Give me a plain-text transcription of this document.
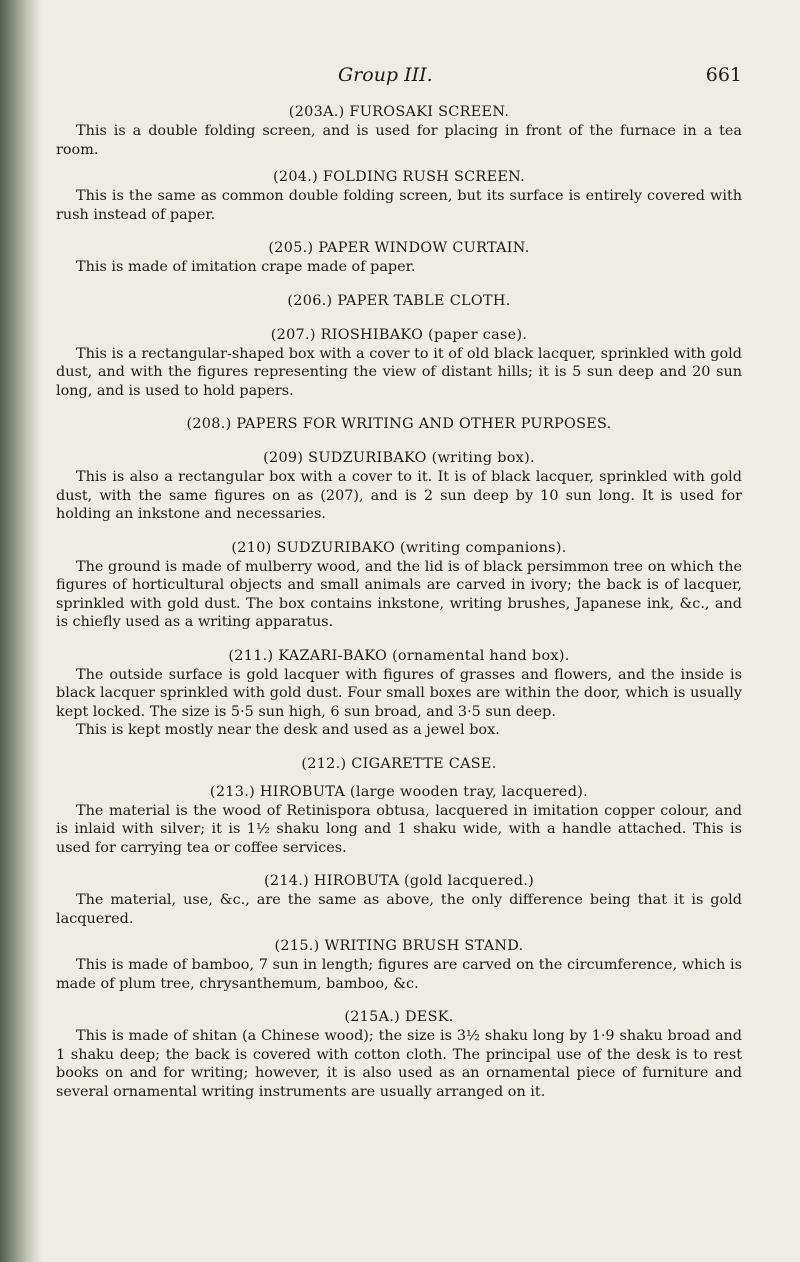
Group III.	661
(203A.) FUROSAKI SCREEN.

This is a double folding screen, and is used for placing in front of the furnace in a tea room.

(204.) FOLDING RUSH SCREEN.

This is the same as common double folding screen, but its surface is entirely covered with rush instead of paper.

(205.) PAPER WINDOW CURTAIN.

This is made of imitation crape made of paper.

(206.) PAPER TABLE CLOTH.
(207.) RIOSHIBAKO (paper case).

This is a rectangular-shaped box with a cover to it of old black lacquer, sprinkled with gold dust, and with the figures representing the view of distant hills; it is 5 sun deep and 20 sun long, and is used to hold papers.

(208.) PAPERS FOR WRITING AND OTHER PURPOSES.
(209) SUDZURIBAKO (writing box).

This is also a rectangular box with a cover to it. It is of black lacquer, sprinkled with gold dust, with the same figures on as (207), and is 2 sun deep by 10 sun long. It is used for holding an inkstone and necessaries.

(210) SUDZURIBAKO (writing companions).

The ground is made of mulberry wood, and the lid is of black persimmon tree on which the figures of horticultural objects and small animals are carved in ivory; the back is of lacquer, sprinkled with gold dust. The box contains inkstone, writing brushes, Japanese ink, &c., and is chiefly used as a writing apparatus.

(211.) KAZARI-BAKO (ornamental hand box).

The outside surface is gold lacquer with figures of grasses and flowers, and the inside is black lacquer sprinkled with gold dust. Four small boxes are within the door, which is usually kept locked. The size is 5·5 sun high, 6 sun broad, and 3·5 sun deep.

This is kept mostly near the desk and used as a jewel box.

(212.) CIGARETTE CASE.
(213.) HIROBUTA (large wooden tray, lacquered).

The material is the wood of Retinispora obtusa, lacquered in imitation copper colour, and is inlaid with silver; it is 1½ shaku long and 1 shaku wide, with a handle attached. This is used for carrying tea or coffee services.

(214.) HIROBUTA (gold lacquered.)

The material, use, &c., are the same as above, the only difference being that it is gold lacquered.

(215.) WRITING BRUSH STAND.

This is made of bamboo, 7 sun in length; figures are carved on the circumference, which is made of plum tree, chrysanthemum, bamboo, &c.

(215A.) DESK.

This is made of shitan (a Chinese wood); the size is 3½ shaku long by 1·9 shaku broad and 1 shaku deep; the back is covered with cotton cloth. The principal use of the desk is to rest books on and for writing; however, it is also used as an ornamental piece of furniture and several ornamental writing instruments are usually arranged on it.
